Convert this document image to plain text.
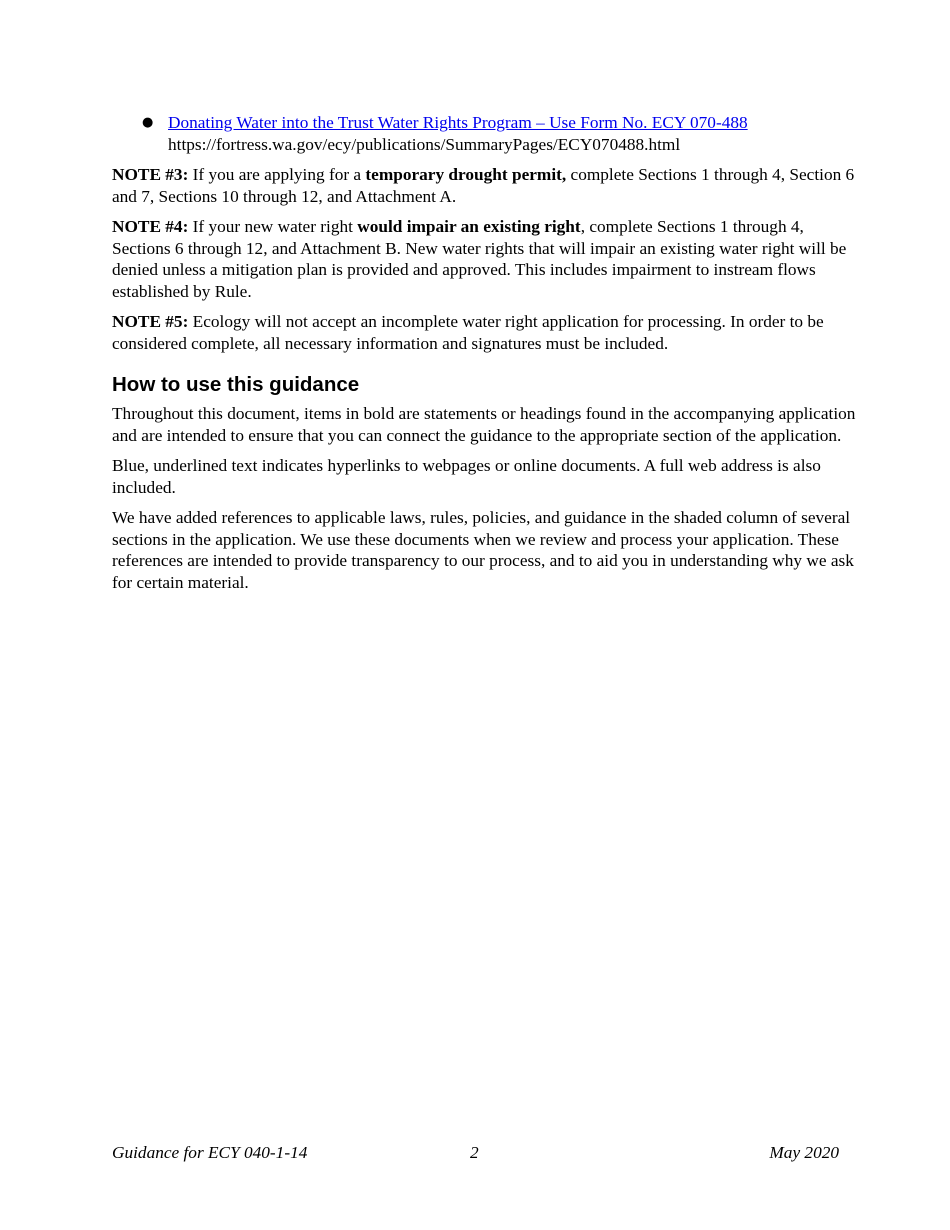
● Donating Water into the Trust Water Rights Program – Use Form No. ECY 070-488
https://fortress.wa.gov/ecy/publications/SummaryPages/ECY070488.html

NOTE #3: If you are applying for a temporary drought permit, complete Sections 1 through 4, Section 6 and 7, Sections 10 through 12, and Attachment A.

NOTE #4: If your new water right would impair an existing right, complete Sections 1 through 4, Sections 6 through 12, and Attachment B. New water rights that will impair an existing water right will be denied unless a mitigation plan is provided and approved. This includes impairment to instream flows established by Rule.

NOTE #5: Ecology will not accept an incomplete water right application for processing. In order to be considered complete, all necessary information and signatures must be included.

How to use this guidance

Throughout this document, items in bold are statements or headings found in the accompanying application and are intended to ensure that you can connect the guidance to the appropriate section of the application.

Blue, underlined text indicates hyperlinks to webpages or online documents. A full web address is also included.

We have added references to applicable laws, rules, policies, and guidance in the shaded column of several sections in the application. We use these documents when we review and process your application. These references are intended to provide transparency to our process, and to aid you in understanding why we ask for certain material.

Guidance for ECY 040-1-14	2	May 2020
